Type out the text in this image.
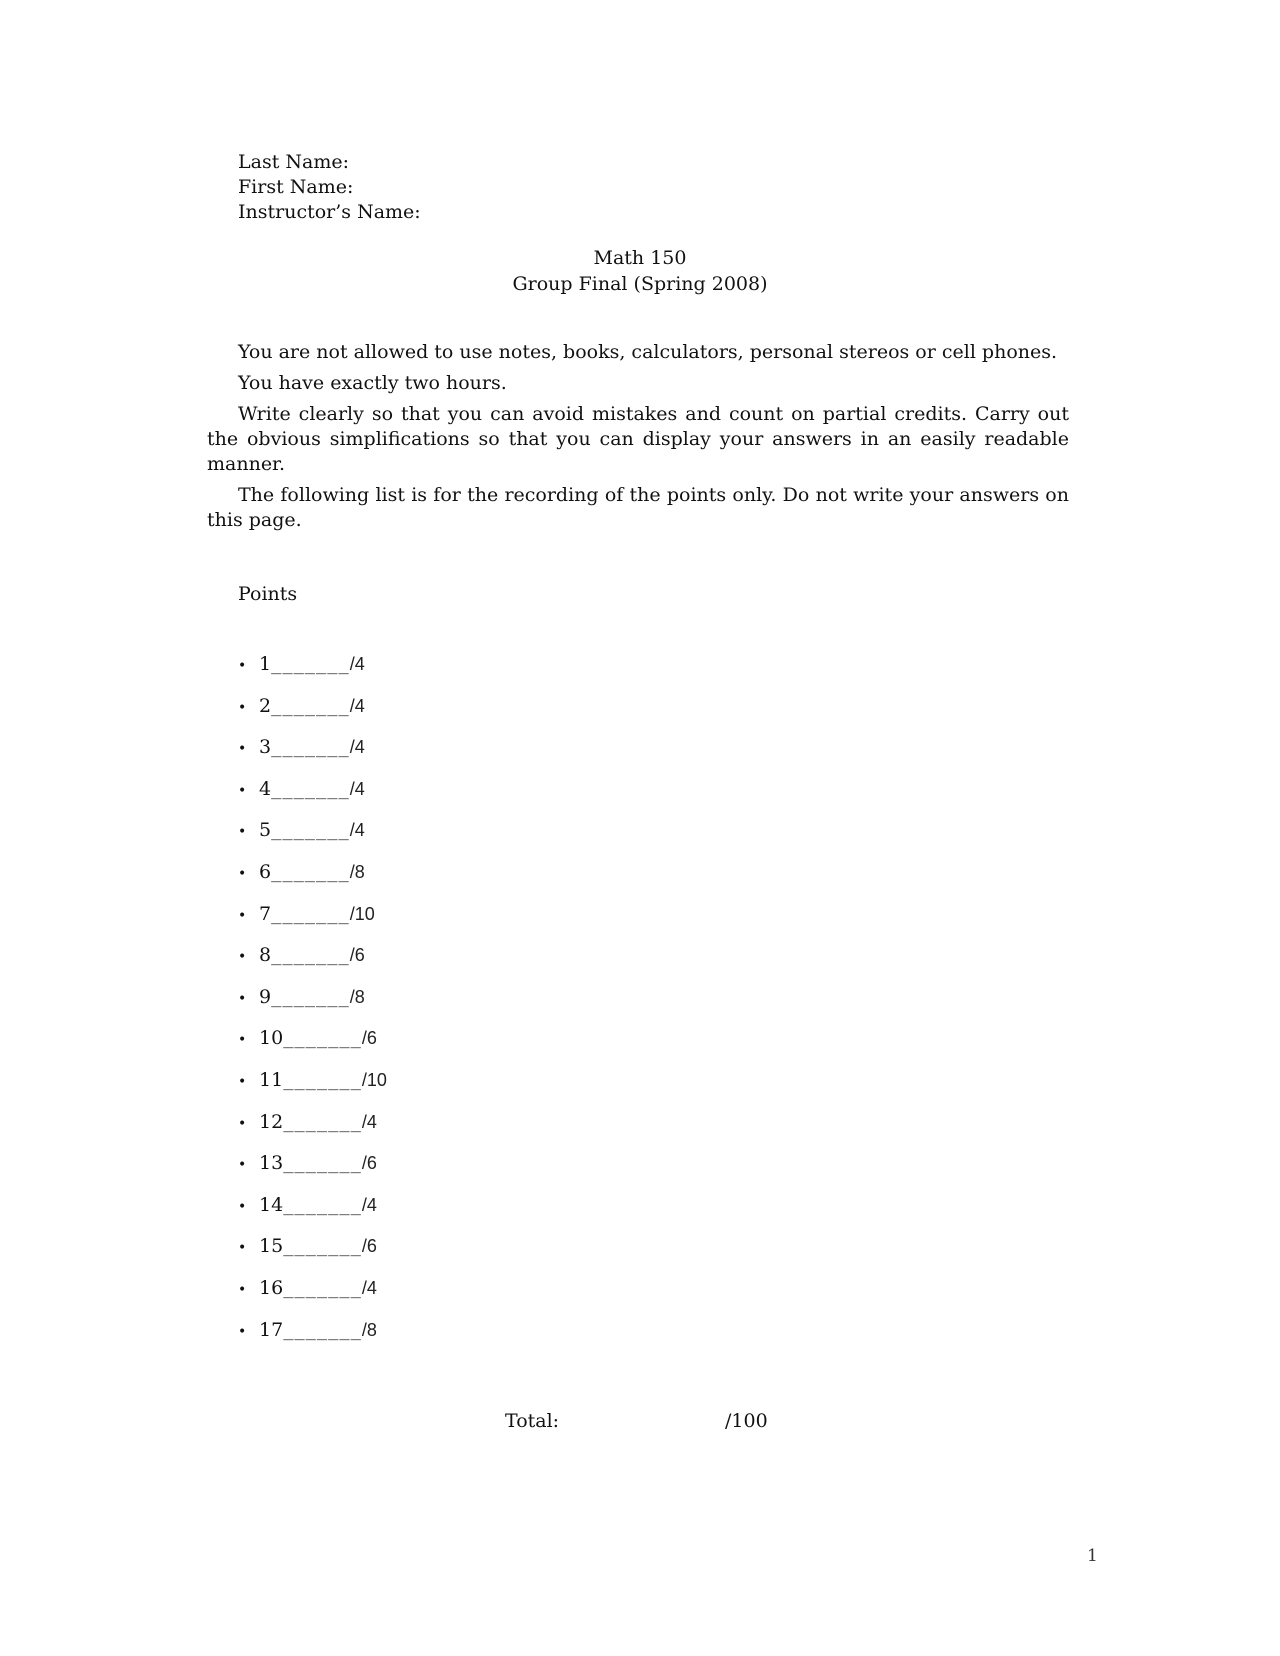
Last Name:
First Name:
Instructor’s Name:
Math 150
Group Final (Spring 2008)

You are not allowed to use notes, books, calculators, personal stereos or cell phones.

You have exactly two hours.

Write clearly so that you can avoid mistakes and count on partial credits. Carry out the obvious simplifications so that you can display your answers in an easily readable manner.

The following list is for the recording of the points only. Do not write your answers on this page.

Points
• 1 _______ /4
• 2 _______ /4
• 3 _______ /4
• 4 _______ /4
• 5 _______ /4
• 6 _______ /8
• 7 _______ /10
• 8 _______ /6
• 9 _______ /8
• 10 _______ /6
• 11 _______ /10
• 12 _______ /4
• 13 _______ /6
• 14 _______ /4
• 15 _______ /6
• 16 _______ /4
• 17 _______ /8
Total:	/100
1
